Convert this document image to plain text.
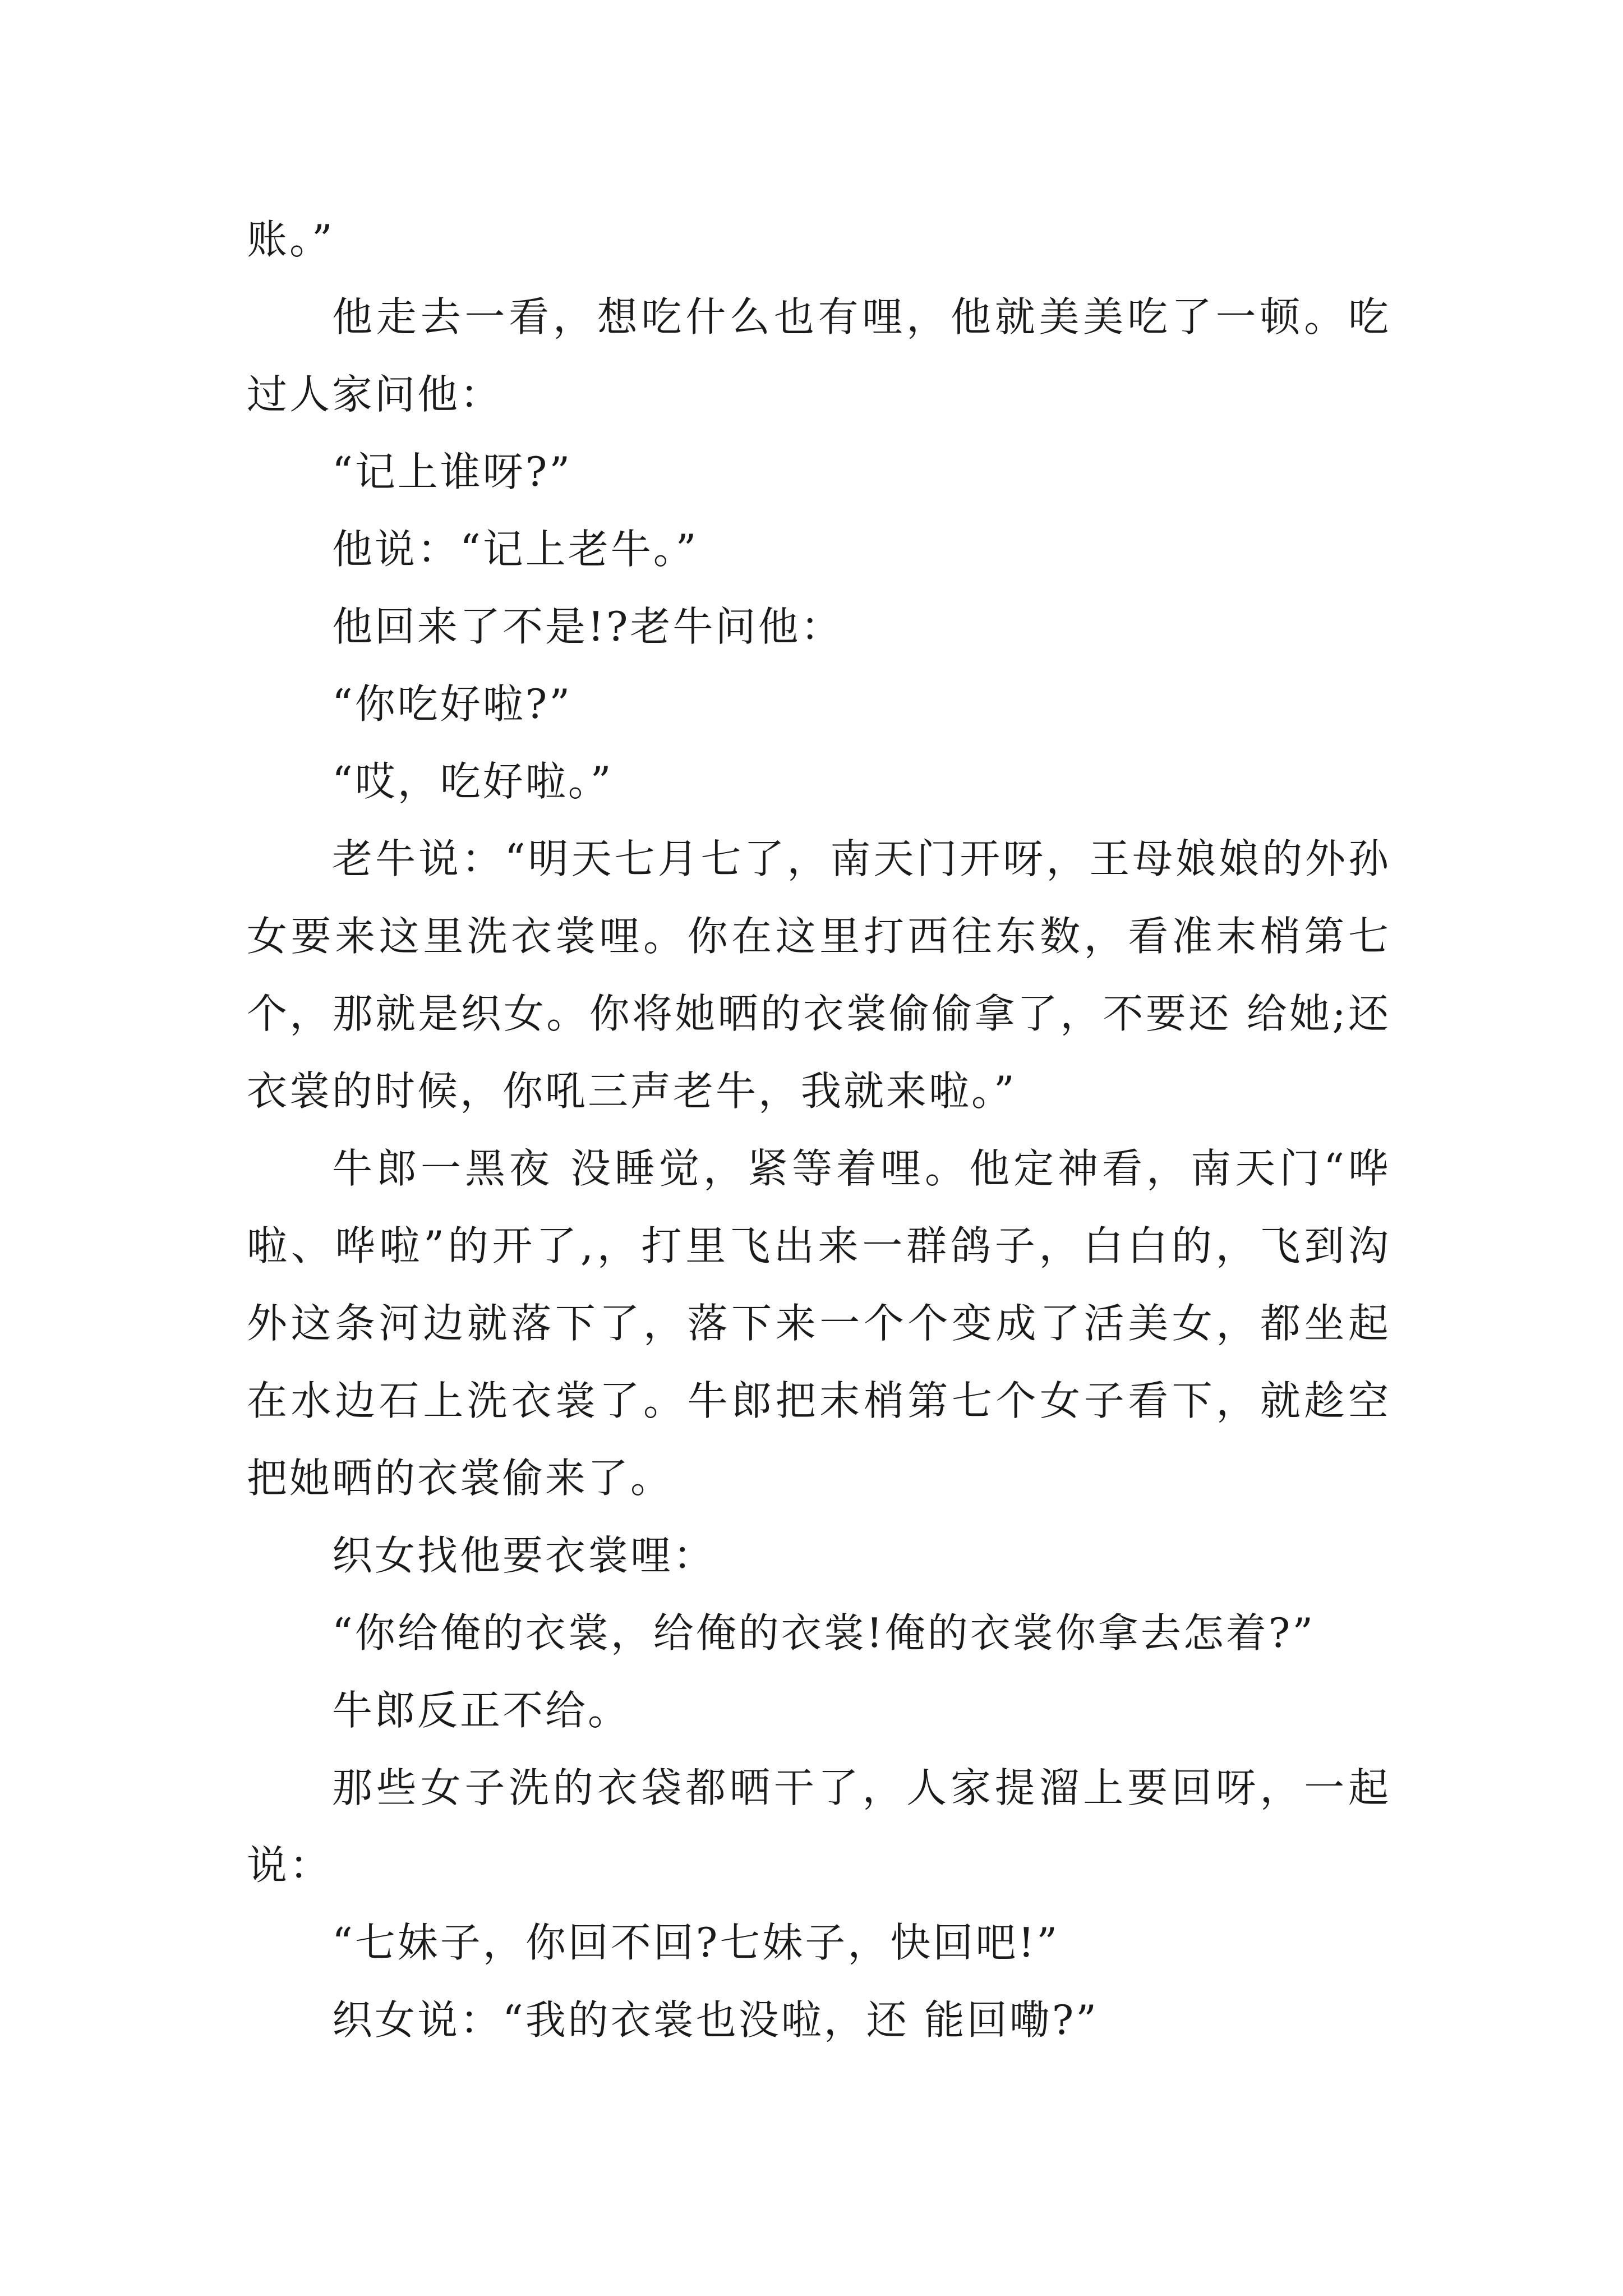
账。”

他走去一看，想吃什么也有哩，他就美美吃了一顿。吃过人家问他：

“记上谁呀?”

他说：“记上老牛。”

他回来了不是!?老牛问他：

“你吃好啦?”

“哎，吃好啦。”

老牛说：“明天七月七了，南天门开呀，王母娘娘的外孙女要来这里洗衣裳哩。你在这里打西往东数，看准末梢第七个，那就是织女。你将她晒的衣裳偷偷拿了，不要还 给她;还 衣裳的时候，你吼三声老牛，我就来啦。”

牛郎一黑夜 没睡觉，紧等着哩。他定神看，南天门“哗啦、哗啦”的开了,，打里飞出来一群鸽子，白白的，飞到沟外这条河边就落下了，落下来一个个变成了活美女，都坐起在水边石上洗衣裳了。牛郎把末梢第七个女子看下，就趁空把她晒的衣裳偷来了。

织女找他要衣裳哩：

“你给俺的衣裳，给俺的衣裳!俺的衣裳你拿去怎着?”

牛郎反正不给。

那些女子洗的衣袋都晒干了，人家提溜上要回呀，一起说：

“七妹子，你回不回?七妹子，快回吧!”

织女说：“我的衣裳也没啦，还 能回嘞?”
